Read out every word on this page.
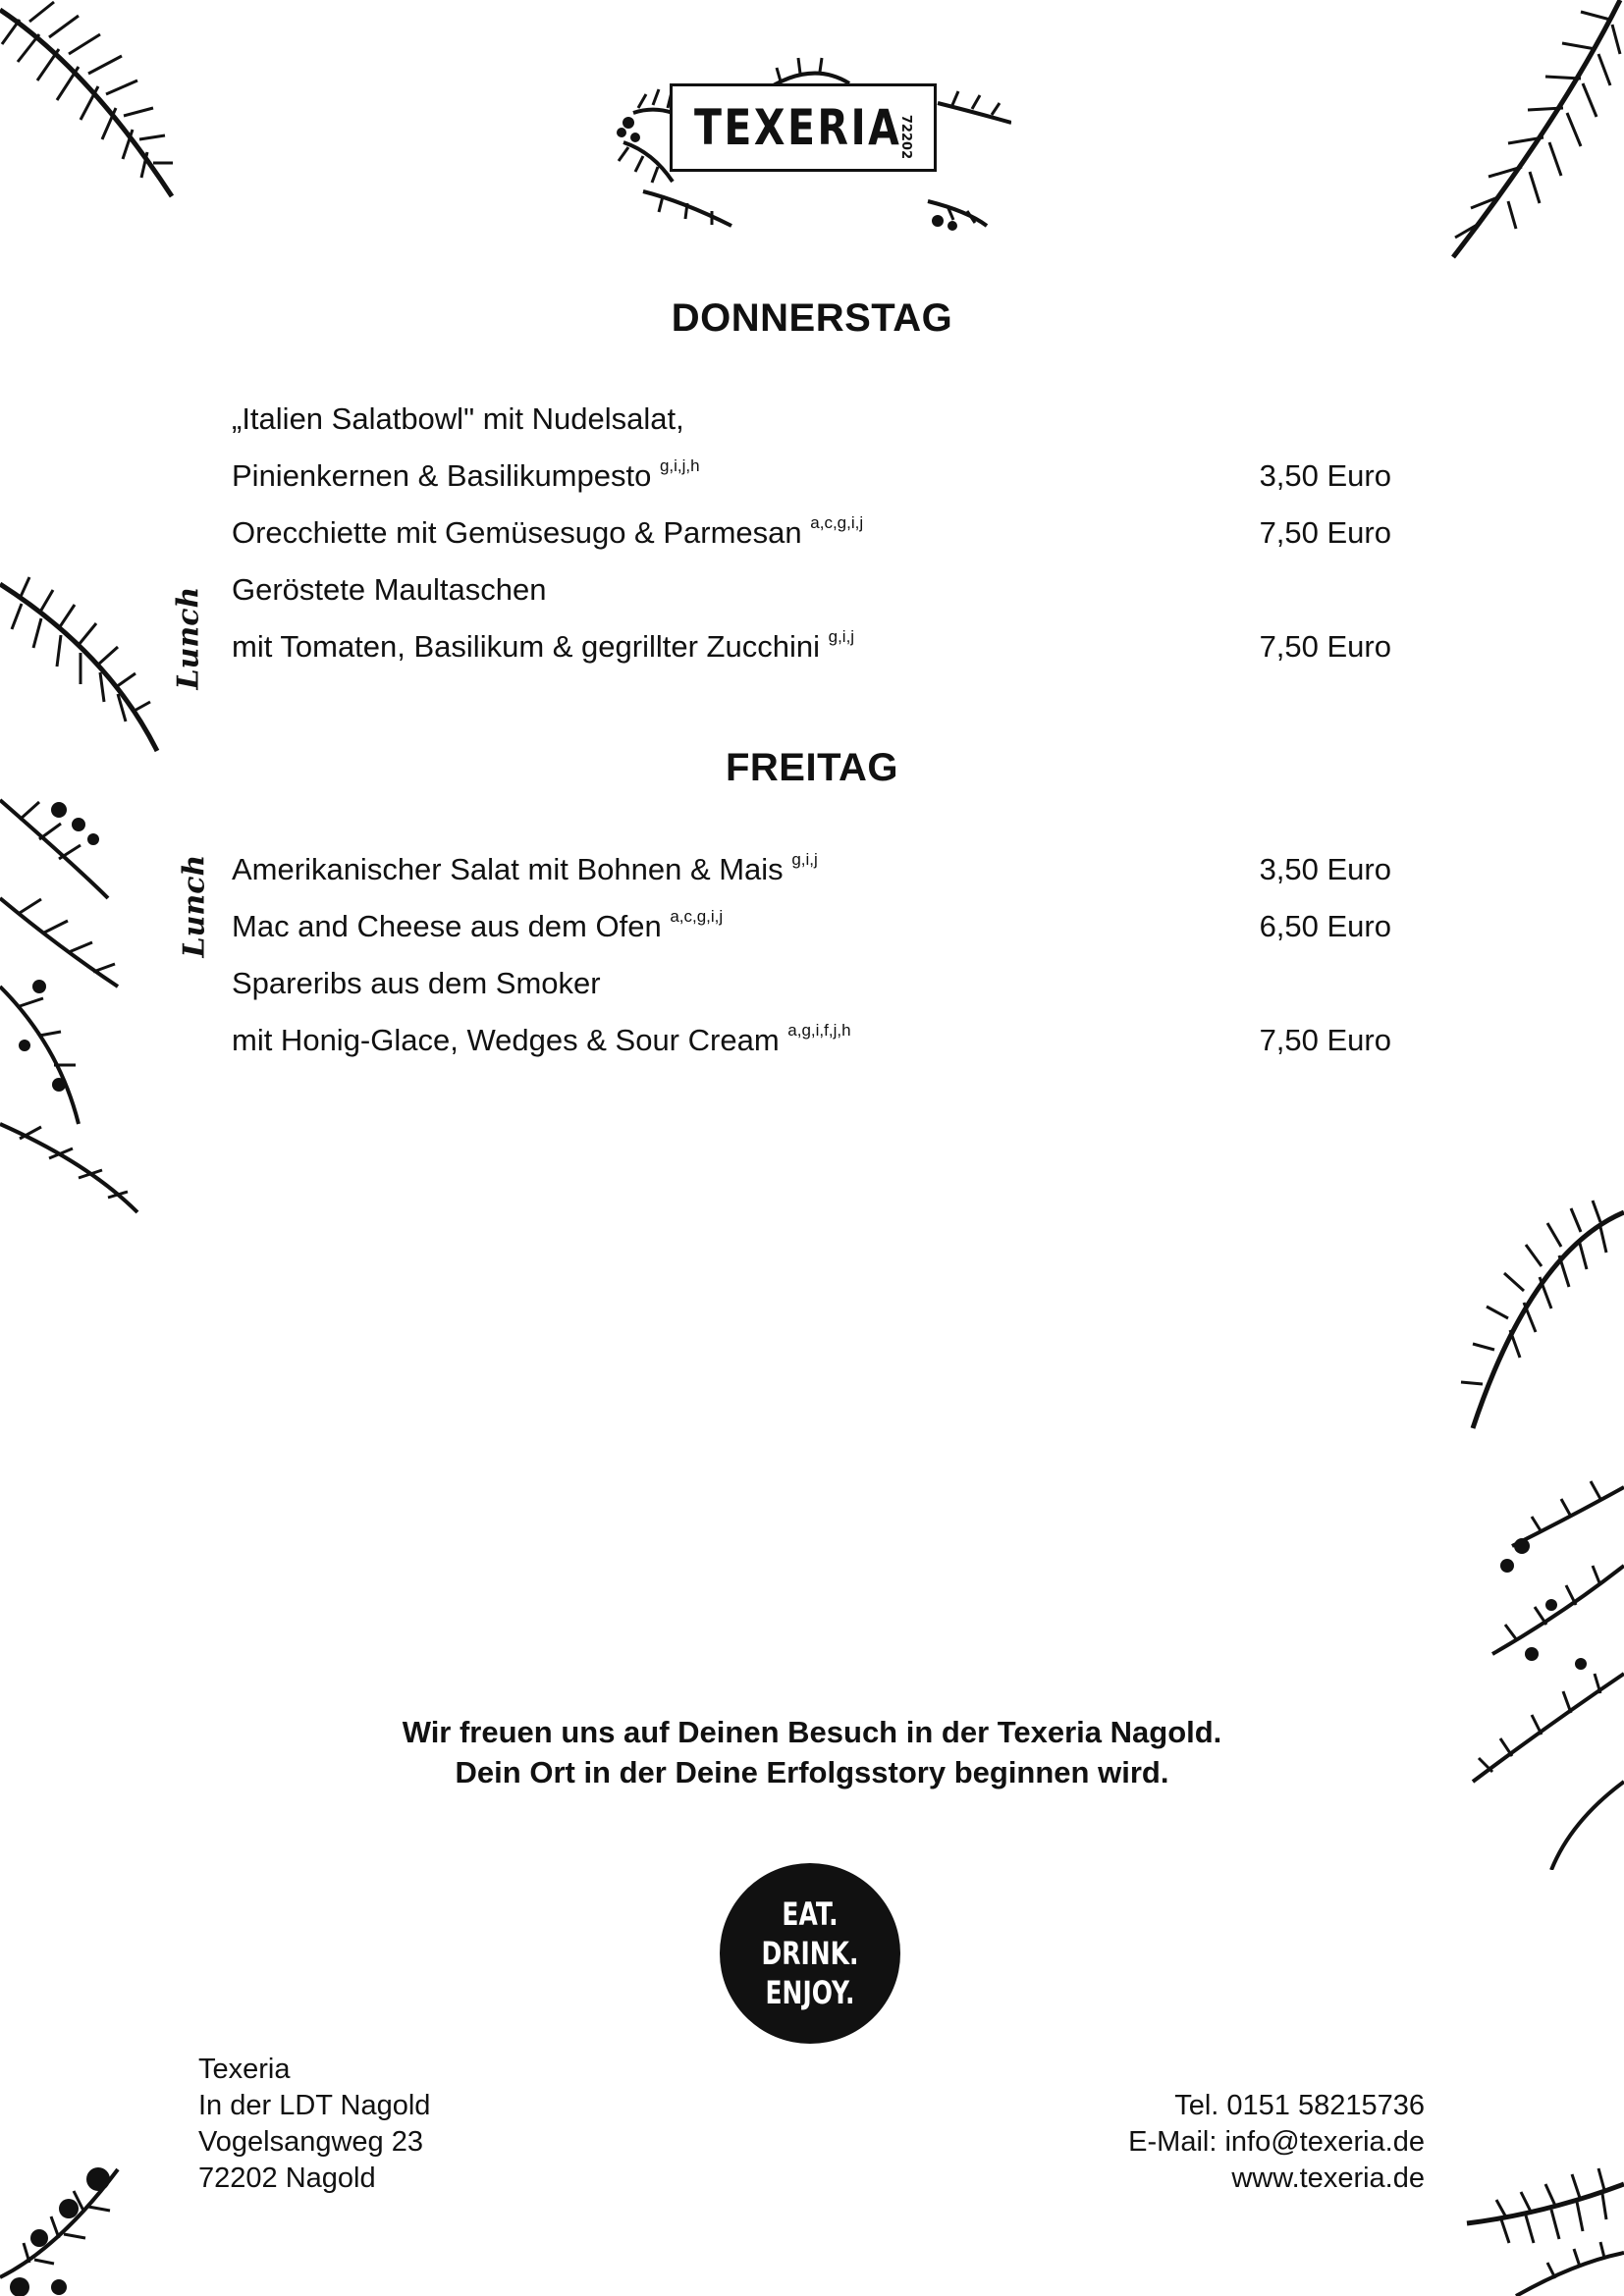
TEXERIA
72202
DONNERSTAG
Lunch
„Italien Salatbowl" mit Nudelsalat,
Pinienkernen & Basilikumpesto $^{g,i,j,h}$	3,50 Euro
Orecchiette mit Gemüsesugo & Parmesan $^{a,c,g,i,j}$	7,50 Euro
Geröstete Maultaschen
mit Tomaten, Basilikum & gegrillter Zucchini $^{g,i,j}$	7,50 Euro
FREITAG
Lunch Amerikanischer Salat mit Bohnen & Mais $^{g,i,j}$	3,50 Euro
Mac and Cheese aus dem Ofen $^{a,c,g,i,j}$	6,50 Euro
Spareribs aus dem Smoker
mit Honig-Glace, Wedges & Sour Cream $^{a,g,i,f,j,h}$	7,50 Euro
Wir freuen uns auf Deinen Besuch in der Texeria Nagold.
Dein Ort in der Deine Erfolgsstory beginnen wird.
EAT.
DRINK.
ENJOY.
Texeria
In der LDT Nagold
Vogelsangweg 23
72202 Nagold
Tel. 0151 58215736
E-Mail: info@texeria.de
www.texeria.de
